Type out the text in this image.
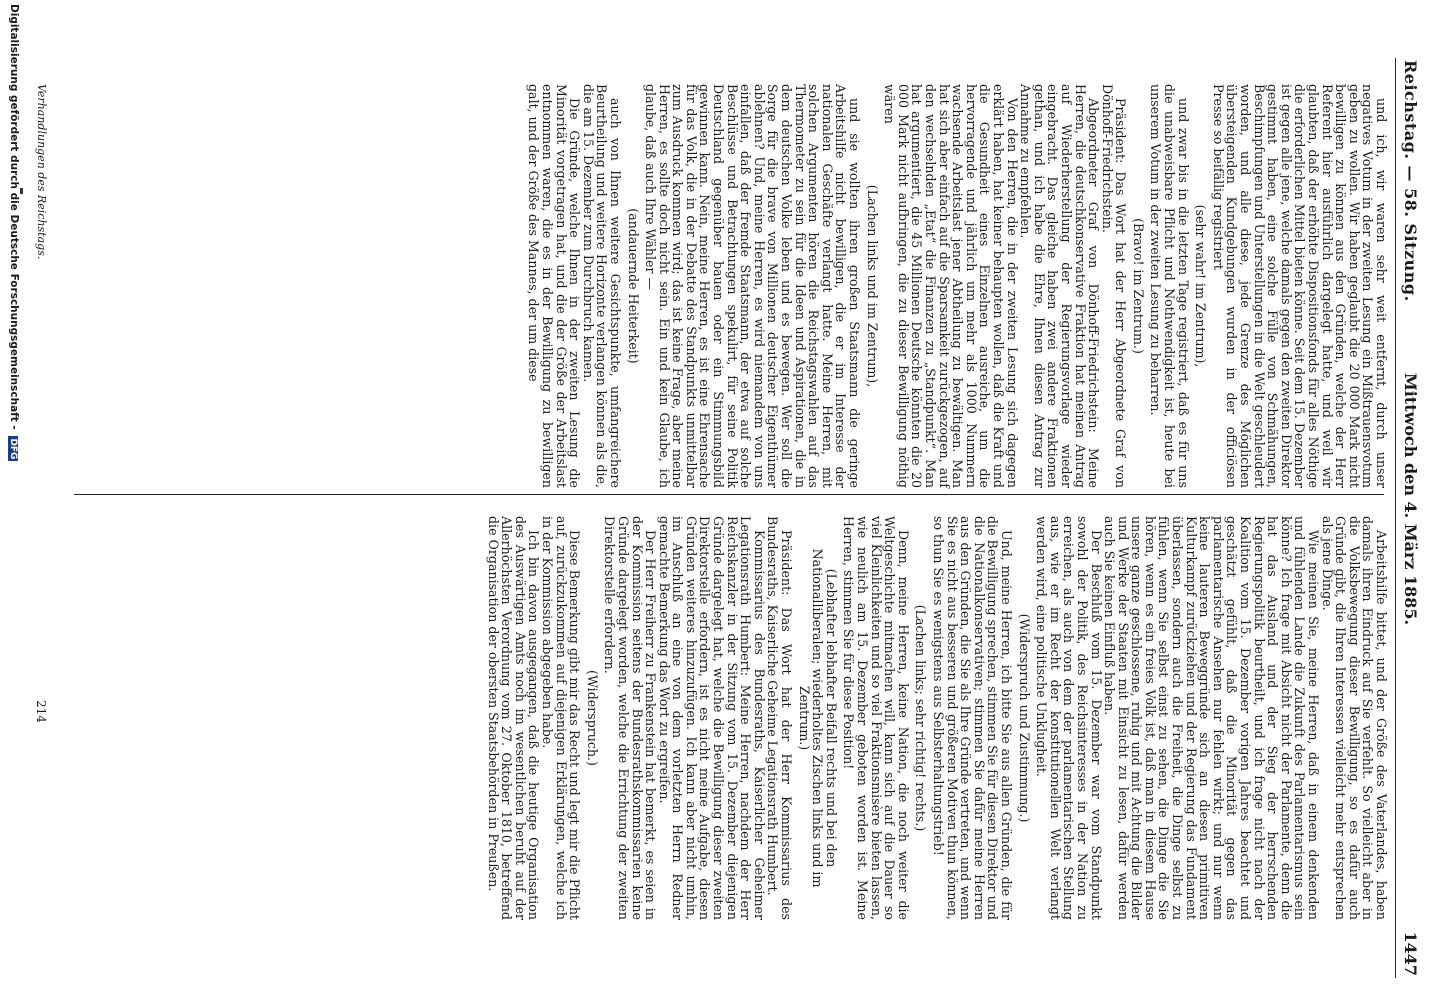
Reichstag. — 58. Sitzung.
Mittwoch den 4. März 1885.                                                       1447

und ich, wir waren sehr weit entfernt, durch unser negatives Votum in der zweiten Lesung ein Mißtrauensvotum geben zu wollen. Wir haben geglaubt die 20 000 Mark nicht bewilligen zu können aus den Gründen, welche der Herr Referent hier ausführlich dargelegt hatte, und weil wir glaubten, daß der erhöhte Dispositionsfonds für alles Nöthige die erforderlichen Mittel bieten könne. Seit dem 15. Dezember ist gegen alle jene, welche damals gegen den zweiten Direktor gestimmt haben, eine solche Fülle von Schmähungen, Beschimpfungen und Unterstellungen in die Welt geschleudert worden, und alle diese, jede Grenze des Möglichen übersteigenden Kundgebungen wurden in der officiösen Presse so beifällig registriert

(sehr wahr! im Zentrum),

und zwar bis in die letzten Tage registriert, daß es für uns die unabweisbare Pflicht und Nothwendigkeit ist, heute bei unserem Votum in der zweiten Lesung zu beharren.

(Bravo! im Zentrum.)

Präsident: Das Wort hat der Herr Abgeordnete Graf von Dönhoff-Friedrichstein.

Abgeordneter Graf von Dönhoff-Friedrichstein: Meine Herren, die deutschkonservative Fraktion hat meinen Antrag auf Wiederherstellung der Regierungsvorlage wieder eingebracht. Das gleiche haben zwei andere Fraktionen gethan, und ich habe die Ehre, Ihnen diesen Antrag zur Annahme zu empfehlen.

Von den Herren, die in der zweiten Lesung sich dagegen erklärt haben, hat keiner behaupten wollen, daß die Kraft und die Gesundheit eines Einzelnen ausreiche, um die hervorragende und jährlich um mehr als 1000 Nummern wachsende Arbeitslast jener Abtheilung zu bewältigen. Man hat sich aber einfach auf die Sparsamkeit zurückgezogen, auf den wechselnden „Etat“ die Finanzen zu „Standpunkt“. Man hat argumentiert, die 45 Millionen Deutsche könnten die 20 000 Mark nicht aufbringen, die zu dieser Bewilligung nöthig wären

(Lachen links und im Zentrum),

und sie wollten ihren großen Staatsmann die geringe Arbeitshilfe nicht bewilligen, die er im Interesse der nationalen Geschäfte verlangt hatte. Meine Herren, mit solchen Argumenten hören die Reichstagswahlen auf das Thermometer zu sein für die Ideen und Aspirationen, die in dem deutschen Volke leben und es bewegen. Wer soll die Sorge für die brave von Millionen deutscher Eigenthümer ablehnen? Und, meine Herren, es wird niemandem von uns einfallen, daß der fremde Staatsmann, der etwa auf solche Beschlüsse und Betrachtungen spekulirt, für seine Politik Deutschland gegenüber bauen oder ein Stimmungsbild gewinnen kann. Nein, meine Herren, es ist eine Ehrensache für das Volk, die in der Debatte des Standpunkts unmittelbar zum Ausdruck kommen wird; das ist keine Frage, aber meine Herren, es sollte doch nicht sein. Ein und kein Glaube, ich glaube, daß auch Ihre Wähler —

(andauernde Heiterkeit)

auch von Ihnen weitere Gesichtspunkte, umfangreichere Beurtheilung und weitere Horizonte verlangen können als die, die am 15. Dezember zum Durchbruch kamen.

Die Gründe, welche Ihnen in der zweiten Lesung die Minorität vorgetragen hat, und die der Größe der Arbeitslast entnommen waren, die es in der Bewilligung zu bewilligen galt, und der Größe des Mannes, der um diese

Arbeitshilfe bittet, und der Größe des Vaterlandes, haben damals ihren Eindruck auf Sie verfehlt. So vielleicht aber in die Volksbewegung dieser Bewilligung, so es dafür auch Gründe gibt, die Ihren Interessen vielleicht mehr entsprechen als jene Dinge.

Wie meinen Sie, meine Herren, daß in einem denkenden und fühlenden Lande die Zukunft des Parlamentarismus sein könne? Ich frage mit Absicht nicht der Parlamente, denn die hat das Ausland und der Sieg der herrschenden Regierungspolitik beurtheilt, und ich frage nicht nach der Koalition vom 15. Dezember vorigen Jahres beachtet und geschätzt gefühlt, daß die Minorität gegen das parlamentarische Ansehen nur fehlen wirkt; und nur wenn keine lauteren Beweggründe sich an diesen primitiven Kulturkampf zurückziehen und der Regierung das Fundament überlassen, sondern auch die Freiheit, die Dinge selbst zu fühlen, wenn Sie selbst einst zu sehen, die Dinge die Sie hören, wenn es ein freies Volk ist, daß man in diesem Hause unsere ganze geschlossene, ruhig und mit Achtung die Bilder und Werke der Staaten mit Einsicht zu lesen, dafür werden auch Sie keinen Einfluß haben.

Der Beschluß vom 15. Dezember war vom Standpunkt sowohl der Politik, des Reichsinteresses in der Nation zu erreichen, als auch von dem der parlamentarischen Stellung aus, wie er im Recht der konstitutionellen Welt verlangt werden wird, eine politische Unklugheit.

(Widerspruch und Zustimmung.)

Und, meine Herren, ich bitte Sie aus allen Gründen, die für die Bewilligung sprechen, stimmen Sie für diesen Direktor und die Nationalkonservativen; stimmen Sie dafür meine Herren aus den Gründen, die Sie als Ihre Gründe vertreten, und wenn Sie es nicht aus besseren und größeren Motiven thun können, so thun Sie es wenigstens aus Selbsterhaltungstrieb!

(Lachen links; sehr richtig! rechts.)

Denn, meine Herren, keine Nation, die noch weiter die Weltgeschichte mitmachen will, kann sich auf die Dauer so viel Kleinlichkeiten und so viel Fraktionsmisère bieten lassen, wie neulich am 15. Dezember geboten worden ist. Meine Herren, stimmen Sie für diese Position!

(Lebhafter lebhafter Beifall rechts und bei den Nationalliberalen; wiederholtes Zischen links und im Zentrum.)

Präsident: Das Wort hat der Herr Kommissarius des Bundesraths, Kaiserliche Geheime Legationsrath Humbert.

Kommissarius des Bundesraths, Kaiserlicher Geheimer Legationsrath Humbert: Meine Herren, nachdem der Herr Reichskanzler in der Sitzung vom 15. Dezember diejenigen Gründe dargelegt hat, welche die Bewilligung dieser zweiten Direktorstelle erfordern, ist es nicht meine Aufgabe, diesen Gründen weiteres hinzuzufügen. Ich kann aber nicht umhin, im Anschluß an eine von dem vorletzten Herrn Redner gemachte Bemerkung das Wort zu ergreifen.

Der Herr Freiherr zu Frankenstein hat bemerkt, es seien in der Kommission seitens der Bundesrathskommissarien keine Gründe dargelegt worden, welche die Errichtung der zweiten Direktorstelle erfordern.

(Widerspruch.)

Diese Bemerkung gibt mir das Recht und legt mir die Pflicht auf, zurückzukommen auf diejenigen Erklärungen, welche ich in der Kommission abgegeben habe.

Ich bin davon ausgegangen, daß die heutige Organisation des Auswärtigen Amts noch im wesentlichen beruht auf der Allerhöchsten Verordnung vom 27. Oktober 1810, betreffend die Organisation der obersten Staatsbehörden in Preußen.

Verhandlungen des Reichstags.
214
Digitalisierung gefördert durch die Deutsche Forschungsgemeinschaft - DFG
